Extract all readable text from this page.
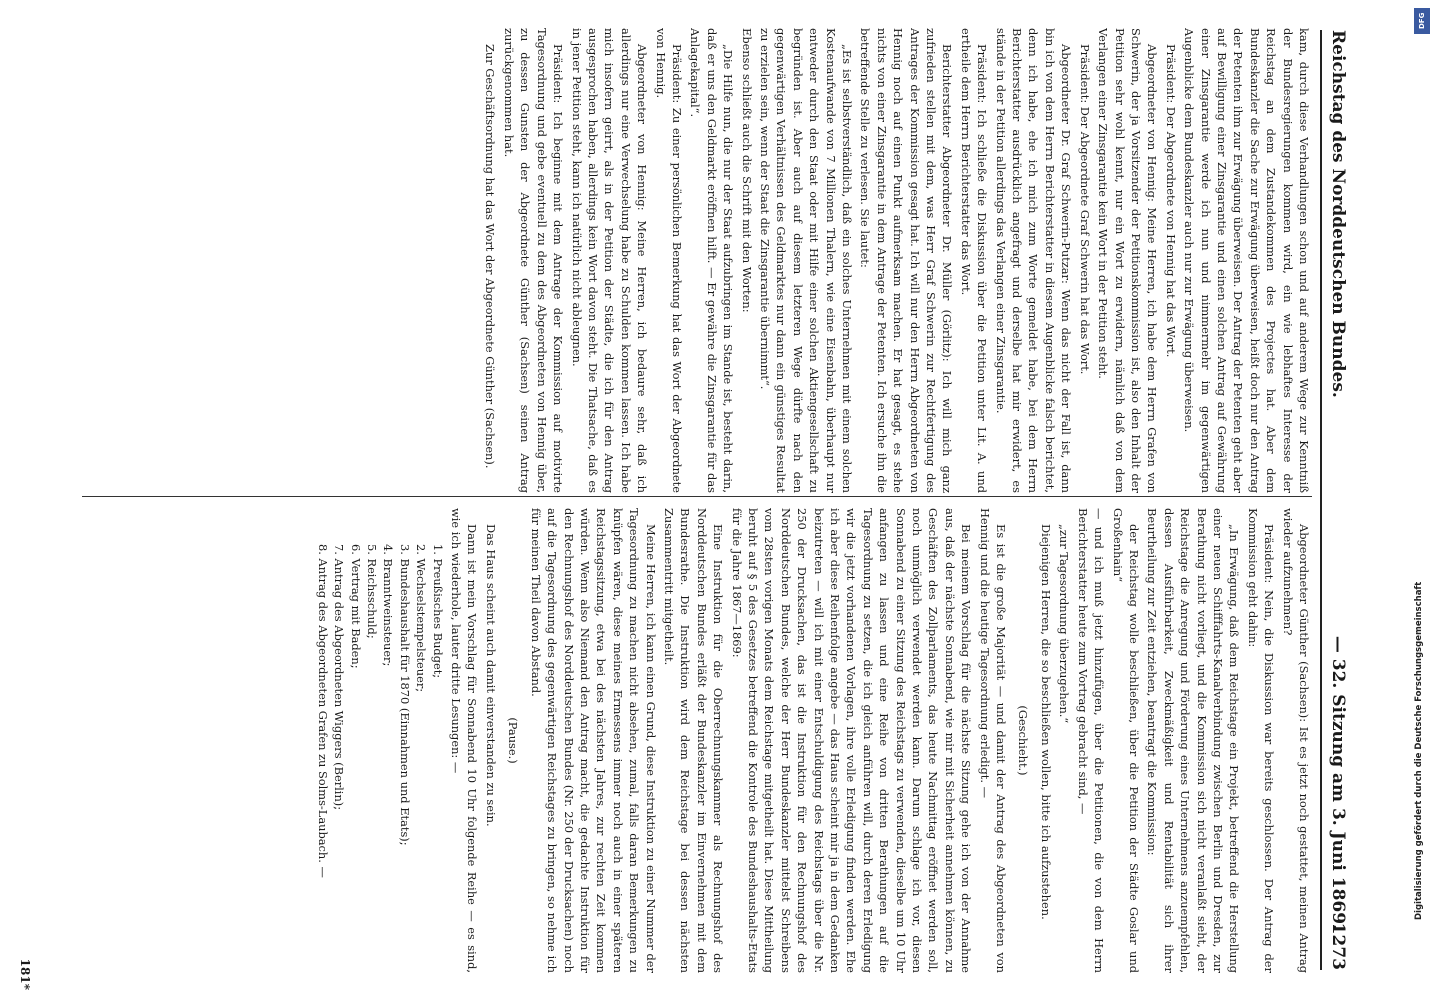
Reichstag des Norddeutschen Bundes.
— 32. Sitzung am 3. Juni 1869.
1273

kam, durch diese Verhandlungen schon und auf anderem Wege zur Kenntniß der Bundesregierungen kommen wird, ein wie lebhaftes Interesse der Reichstag an dem Zustandekommen des Projectes hat. Aber dem Bundeskanzler die Sache zur Erwägung überweisen, heißt doch nur den Antrag der Petenten ihm zur Erwägung überweisen. Der Antrag der Petenten geht aber auf Bewilligung einer Zinsgarantie und einen solchen Antrag auf Gewährung einer Zinsgarantie werde ich nun und nimmermehr im gegenwärtigen Augenblicke dem Bundeskanzler auch nur zur Erwägung überweisen.

Präsident: Der Abgeordnete von Hennig hat das Wort.

Abgeordneter von Hennig: Meine Herren, ich habe dem Herrn Grafen von Schwerin, der ja Vorsitzender der Petitionskommission ist, also den Inhalt der Petition sehr wohl kennt, nur ein Wort zu erwidern, nämlich daß von dem Verlangen einer Zinsgarantie kein Wort in der Petition steht.

Präsident: Der Abgeordnete Graf Schwerin hat das Wort.

Abgeordneter Dr. Graf Schwerin-Putzar: Wenn das nicht der Fall ist, dann bin ich von dem Herrn Berichterstatter in diesem Augenblicke falsch berichtet, denn ich habe, ehe ich mich zum Worte gemeldet habe, bei dem Herrn Berichterstatter ausdrücklich angefragt und derselbe hat mir erwidert, es stände in der Petition allerdings das Verlangen einer Zinsgarantie.

Präsident: Ich schließe die Diskussion über die Petition unter Lit. A. und ertheile dem Herrn Berichterstatter das Wort.

Berichterstatter Abgeordneter Dr. Müller (Görlitz): Ich will mich ganz zufrieden stellen mit dem, was Herr Graf Schwerin zur Rechtfertigung des Antrages der Kommission gesagt hat. Ich will nur den Herrn Abgeordneten von Hennig noch auf einen Punkt aufmerksam machen. Er hat gesagt, es stehe nichts von einer Zinsgarantie in dem Antrage der Petenten. Ich ersuche ihn die betreffende Stelle zu verlesen. Sie lautet:

„Es ist selbstverständlich, daß ein solches Unternehmen mit einem solchen Kostenaufwande von 7 Millionen Thalern, wie eine Eisenbahn, überhaupt nur entweder durch den Staat oder mit Hilfe einer solchen Aktiengesellschaft zu begründen ist. Aber auch auf diesem letzteren Wege dürfte nach den gegenwärtigen Verhältnissen des Geldmarktes nur dann ein günstiges Resultat zu erzielen sein, wenn der Staat die Zinsgarantie übernimmt“.

Ebenso schließt auch die Schrift mit den Worten:

„Die Hilfe nun, die nur der Staat aufzubringen im Stande ist, besteht darin, daß er uns den Geldmarkt eröffnen hilft. — Er gewähre die Zinsgarantie für das Anlagekapital“.

Präsident: Zu einer persönlichen Bemerkung hat das Wort der Abgeordnete von Hennig.

Abgeordneter von Hennig: Meine Herren, ich bedaure sehr, daß ich allerdings nur eine Verwechselung habe zu Schulden kommen lassen. Ich habe mich insofern geirrt, als in der Petition der Städte, die ich für den Antrag ausgesprochen haben, allerdings kein Wort davon steht. Die Thatsache, daß es in jener Petition steht, kann ich natürlich nicht ableugnen.

Präsident: Ich beginne mit dem Antrage der Kommission auf motivirte Tagesordnung und gebe eventuell zu dem des Abgeordneten von Hennig über, zu dessen Gunsten der Abgeordnete Günther (Sachsen) seinen Antrag zurückgenommen hat.

Zur Geschäftsordnung hat das Wort der Abgeordnete Günther (Sachsen).

Abgeordneter Günther (Sachsen): Ist es jetzt noch gestattet, meinen Antrag wieder aufzunehmen?

Präsident: Nein, die Diskussion war bereits geschlossen. Der Antrag der Kommission geht dahin:

„In Erwägung, daß dem Reichstage ein Projekt, betreffend die Herstellung einer neuen Schifffahrts-Kanalverbindung zwischen Berlin und Dresden, zur Berathung nicht vorliegt, und die Kommission sich nicht veranlaßt sieht, der Reichstage die Anregung und Förderung eines Unternehmens anzuempfehlen, dessen Ausführbarkeit, Zweckmäßigkeit und Rentabilität sich ihrer Beurtheilung zur Zeit entziehen, beantragt die Kommission:

der Reichstag wolle beschließen, über die Petition der Städte Goslar und Großenhain“

— und ich muß jetzt hinzufügen, über die Petitionen, die von dem Herrn Berichterstatter heute zum Vortrag gebracht sind, —

„zur Tagesordnung überzugehen.“

Diejenigen Herren, die so beschließen wollen, bitte ich aufzustehen.

(Geschieht.)

Es ist die große Majorität — und damit der Antrag des Abgeordneten von Hennig und die heutige Tagesordnung erledigt. —

Bei meinem Vorschlag für die nächste Sitzung gehe ich von der Annahme aus, daß der nächste Sonnabend, wie mir mit Sicherheit annehmen können, zu Geschäften des Zollparlaments, das heute Nachmittag eröffnet werden soll, noch unmöglich verwendet werden kann. Darum schlage ich vor, diesen Sonnabend zu einer Sitzung des Reichstags zu verwenden, dieselbe um 10 Uhr anfangen zu lassen und eine Reihe von dritten Berathungen auf die Tagesordnung zu setzen, die ich gleich anführen will, durch deren Erledigung wir die jetzt vorhandenen Vorlagen, ihre volle Erledigung finden werden. Ehe ich aber diese Reihenfolge angebe — das Haus scheint mir ja in dem Gedanken beizutreten — will ich mit einer Entschuldigung des Reichstags über die Nr. 250 der Drucksachen, das ist die Instruktion für den Rechnungshof des Norddeutschen Bundes, welche der Herr Bundeskanzler mittelst Schreibens vom 28sten vorigen Monats dem Reichstage mitgetheilt hat. Diese Mittheilung beruht auf § 5 des Gesetzes betreffend die Kontrole des Bundeshaushalts-Etats für die Jahre 1867—1869:

Eine Instruktion für die Oberrechnungskammer als Rechnungshof des Norddeutschen Bundes erläßt der Bundeskanzler im Einvernehmen mit dem Bundesrathe. Die Instruktion wird dem Reichstage bei dessen nächsten Zusammentritt mitgetheilt.

Meine Herren, ich kann einen Grund, diese Instruktion zu einer Nummer der Tagesordnung zu machen nicht absehen, zumal, falls daran Bemerkungen zu knüpfen wären, diese meines Ermessens immer noch auch in einer späteren Reichstagssitzung, etwa bei des nächsten Jahres, zur rechten Zeit kommen würden. Wenn also Niemand den Antrag macht, die gedachte Instruktion für den Rechnungshof des Norddeutschen Bundes (Nr. 250 der Drucksachen) noch auf die Tagesordnung des gegenwärtigen Reichstages zu bringen, so nehme ich für meinen Theil davon Abstand.

(Pause.)

Das Haus scheint auch damit einverstanden zu sein.

Dann ist mein Vorschlag für Sonnabend 10 Uhr folgende Reihe — es sind, wie ich wiederhole, lauter dritte Lesungen: —

1. Preußisches Budget;

2. Wechselstempelsteuer;

3. Bundeshaushalt für 1870 (Einnahmen und Etats);

4. Branntweinsteuer;

5. Reichsschuld;

6. Vertrag mit Baden;

7. Antrag des Abgeordneten Wiggers (Berlin);

8. Antrag des Abgeordneten Grafen zu Solms-Laubach. —

181*
DFG
Digitalisierung gefördert durch die Deutsche Forschungsgemeinschaft
